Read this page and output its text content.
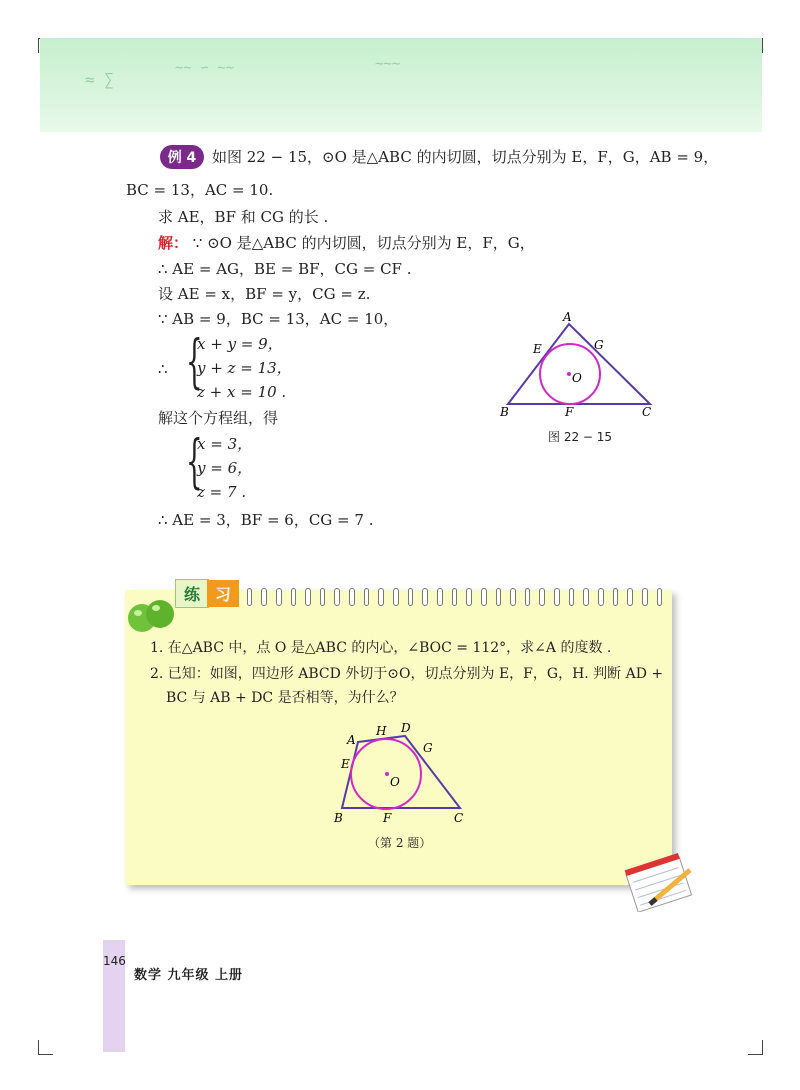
≈ ∑
∼∼ ∽ ∼∼	∼∼∼
例 4	如图 22 − 15，⊙O 是△ABC 的内切圆，切点分别为 E，F，G，AB = 9，
BC = 13，AC = 10.
求 AE，BF 和 CG 的长 .
解： ∵ ⊙O 是△ABC 的内切圆，切点分别为 E，F，G，
∴ AE = AG，BE = BF，CG = CF .
设 AE = x，BF = y，CG = z.
∵ AB = 9，BC = 13，AC = 10，
∴ {
x + y = 9，
y + z = 13，
z + x = 10 .
解这个方程组，得
{
x = 3，
y = 6，
z = 7 .
∴ AE = 3，BF = 6，CG = 7 .
A
B	C
E
F
G
O
图 22 − 15
练 习
1. 在△ABC 中，点 O 是△ABC 的内心，∠BOC = 112°，求∠A 的度数 .
2. 已知：如图，四边形 ABCD 外切于⊙O，切点分别为 E，F，G，H. 判断 AD +
BC 与 AB + DC 是否相等，为什么？
A
H D
G
E
O
B	F	C
（第 2 题）
146
数学 九年级 上册
